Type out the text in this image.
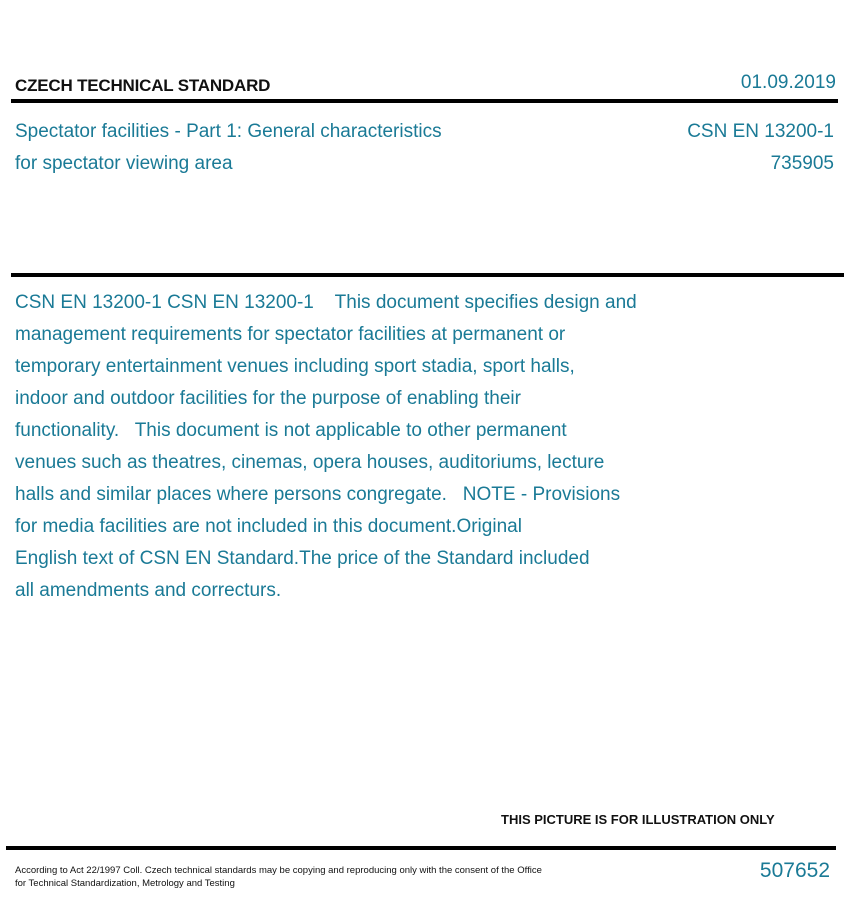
CZECH TECHNICAL STANDARD	01.09.2019
Spectator facilities - Part 1: General characteristics
for spectator viewing area
CSN EN 13200-1
735905
CSN EN 13200-1 CSN EN 13200-1    This document specifies design and
management requirements for spectator facilities at permanent or
temporary entertainment venues including sport stadia, sport halls,
indoor and outdoor facilities for the purpose of enabling their
functionality.   This document is not applicable to other permanent
venues such as theatres, cinemas, opera houses, auditoriums, lecture
halls and similar places where persons congregate.   NOTE - Provisions
for media facilities are not included in this document.Original
English text of CSN EN Standard.The price of the Standard included
all amendments and correcturs.
THIS PICTURE IS FOR ILLUSTRATION ONLY
According to Act 22/1997 Coll. Czech technical standards may be copying and reproducing only with the consent of the Office
for Technical Standardization, Metrology and Testing
507652
